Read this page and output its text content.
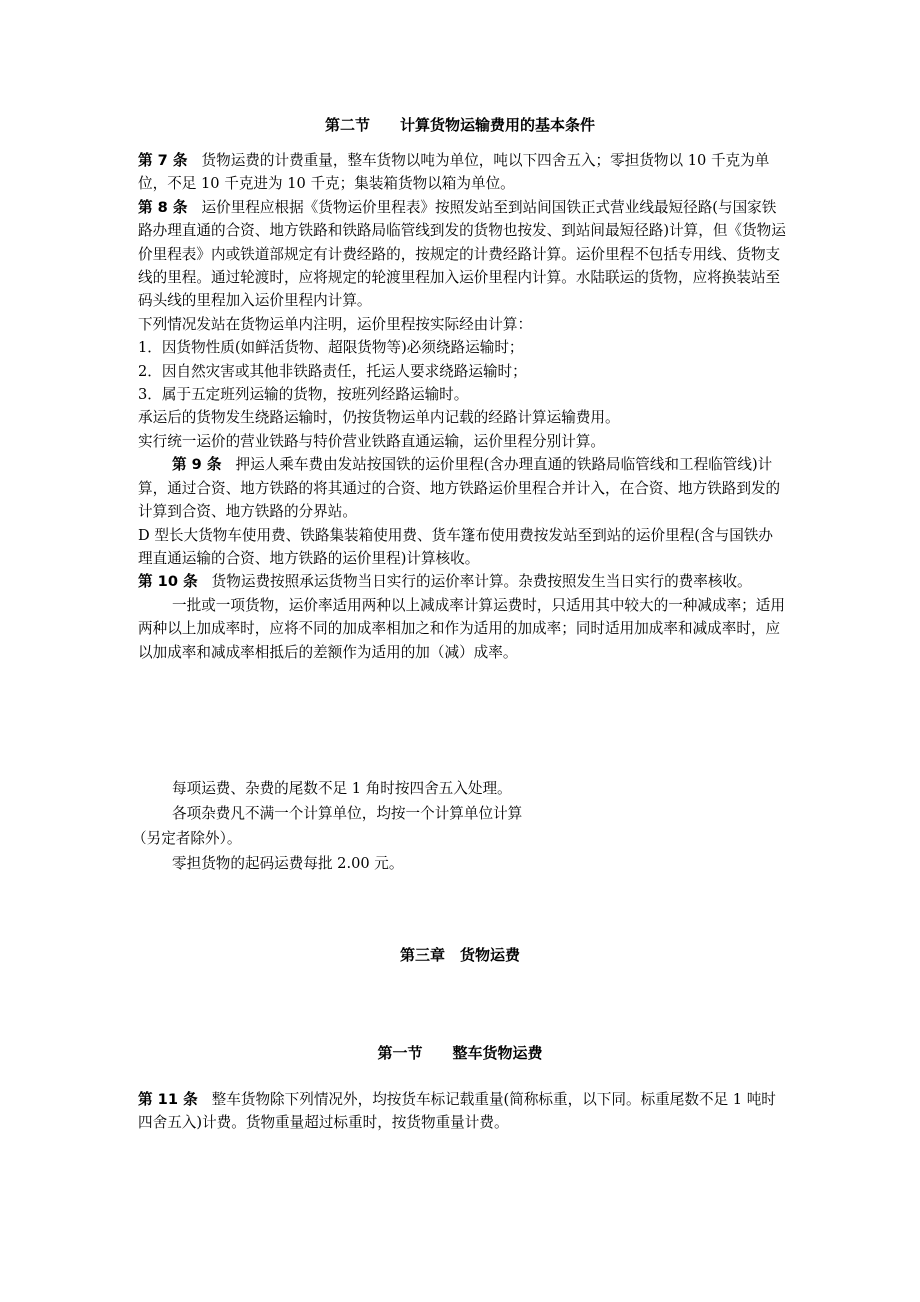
第二节　　计算货物运输费用的基本条件

第 7 条 货物运费的计费重量，整车货物以吨为单位，吨以下四舍五入；零担货物以 10 千克为单位，不足 10 千克进为 10 千克；集装箱货物以箱为单位。

第 8 条 运价里程应根据《货物运价里程表》按照发站至到站间国铁正式营业线最短径路(与国家铁路办理直通的合资、地方铁路和铁路局临管线到发的货物也按发、到站间最短径路)计算，但《货物运价里程表》内或铁道部规定有计费经路的，按规定的计费经路计算。运价里程不包括专用线、货物支线的里程。通过轮渡时，应将规定的轮渡里程加入运价里程内计算。水陆联运的货物，应将换装站至码头线的里程加入运价里程内计算。

下列情况发站在货物运单内注明，运价里程按实际经由计算：

1．因货物性质(如鲜活货物、超限货物等)必须绕路运输时；

2．因自然灾害或其他非铁路责任，托运人要求绕路运输时；

3．属于五定班列运输的货物，按班列经路运输时。

承运后的货物发生绕路运输时，仍按货物运单内记载的经路计算运输费用。

实行统一运价的营业铁路与特价营业铁路直通运输，运价里程分别计算。

第 9 条 押运人乘车费由发站按国铁的运价里程(含办理直通的铁路局临管线和工程临管线)计算，通过合资、地方铁路的将其通过的合资、地方铁路运价里程合并计入，在合资、地方铁路到发的计算到合资、地方铁路的分界站。

D 型长大货物车使用费、铁路集装箱使用费、货车篷布使用费按发站至到站的运价里程(含与国铁办理直通运输的合资、地方铁路的运价里程)计算核收。

第 10 条 货物运费按照承运货物当日实行的运价率计算。杂费按照发生当日实行的费率核收。

一批或一项货物，运价率适用两种以上减成率计算运费时，只适用其中较大的一种减成率；适用两种以上加成率时，应将不同的加成率相加之和作为适用的加成率；同时适用加成率和减成率时，应以加成率和减成率相抵后的差额作为适用的加（减）成率。

每项运费、杂费的尾数不足 1 角时按四舍五入处理。
各项杂费凡不满一个计算单位，均按一个计算单位计算
（另定者除外）。
零担货物的起码运费每批 2.00 元。
第三章　货物运费
第一节　　整车货物运费

第 11 条 整车货物除下列情况外，均按货车标记载重量(简称标重，以下同。标重尾数不足 1 吨时四舍五入)计费。货物重量超过标重时，按货物重量计费。
